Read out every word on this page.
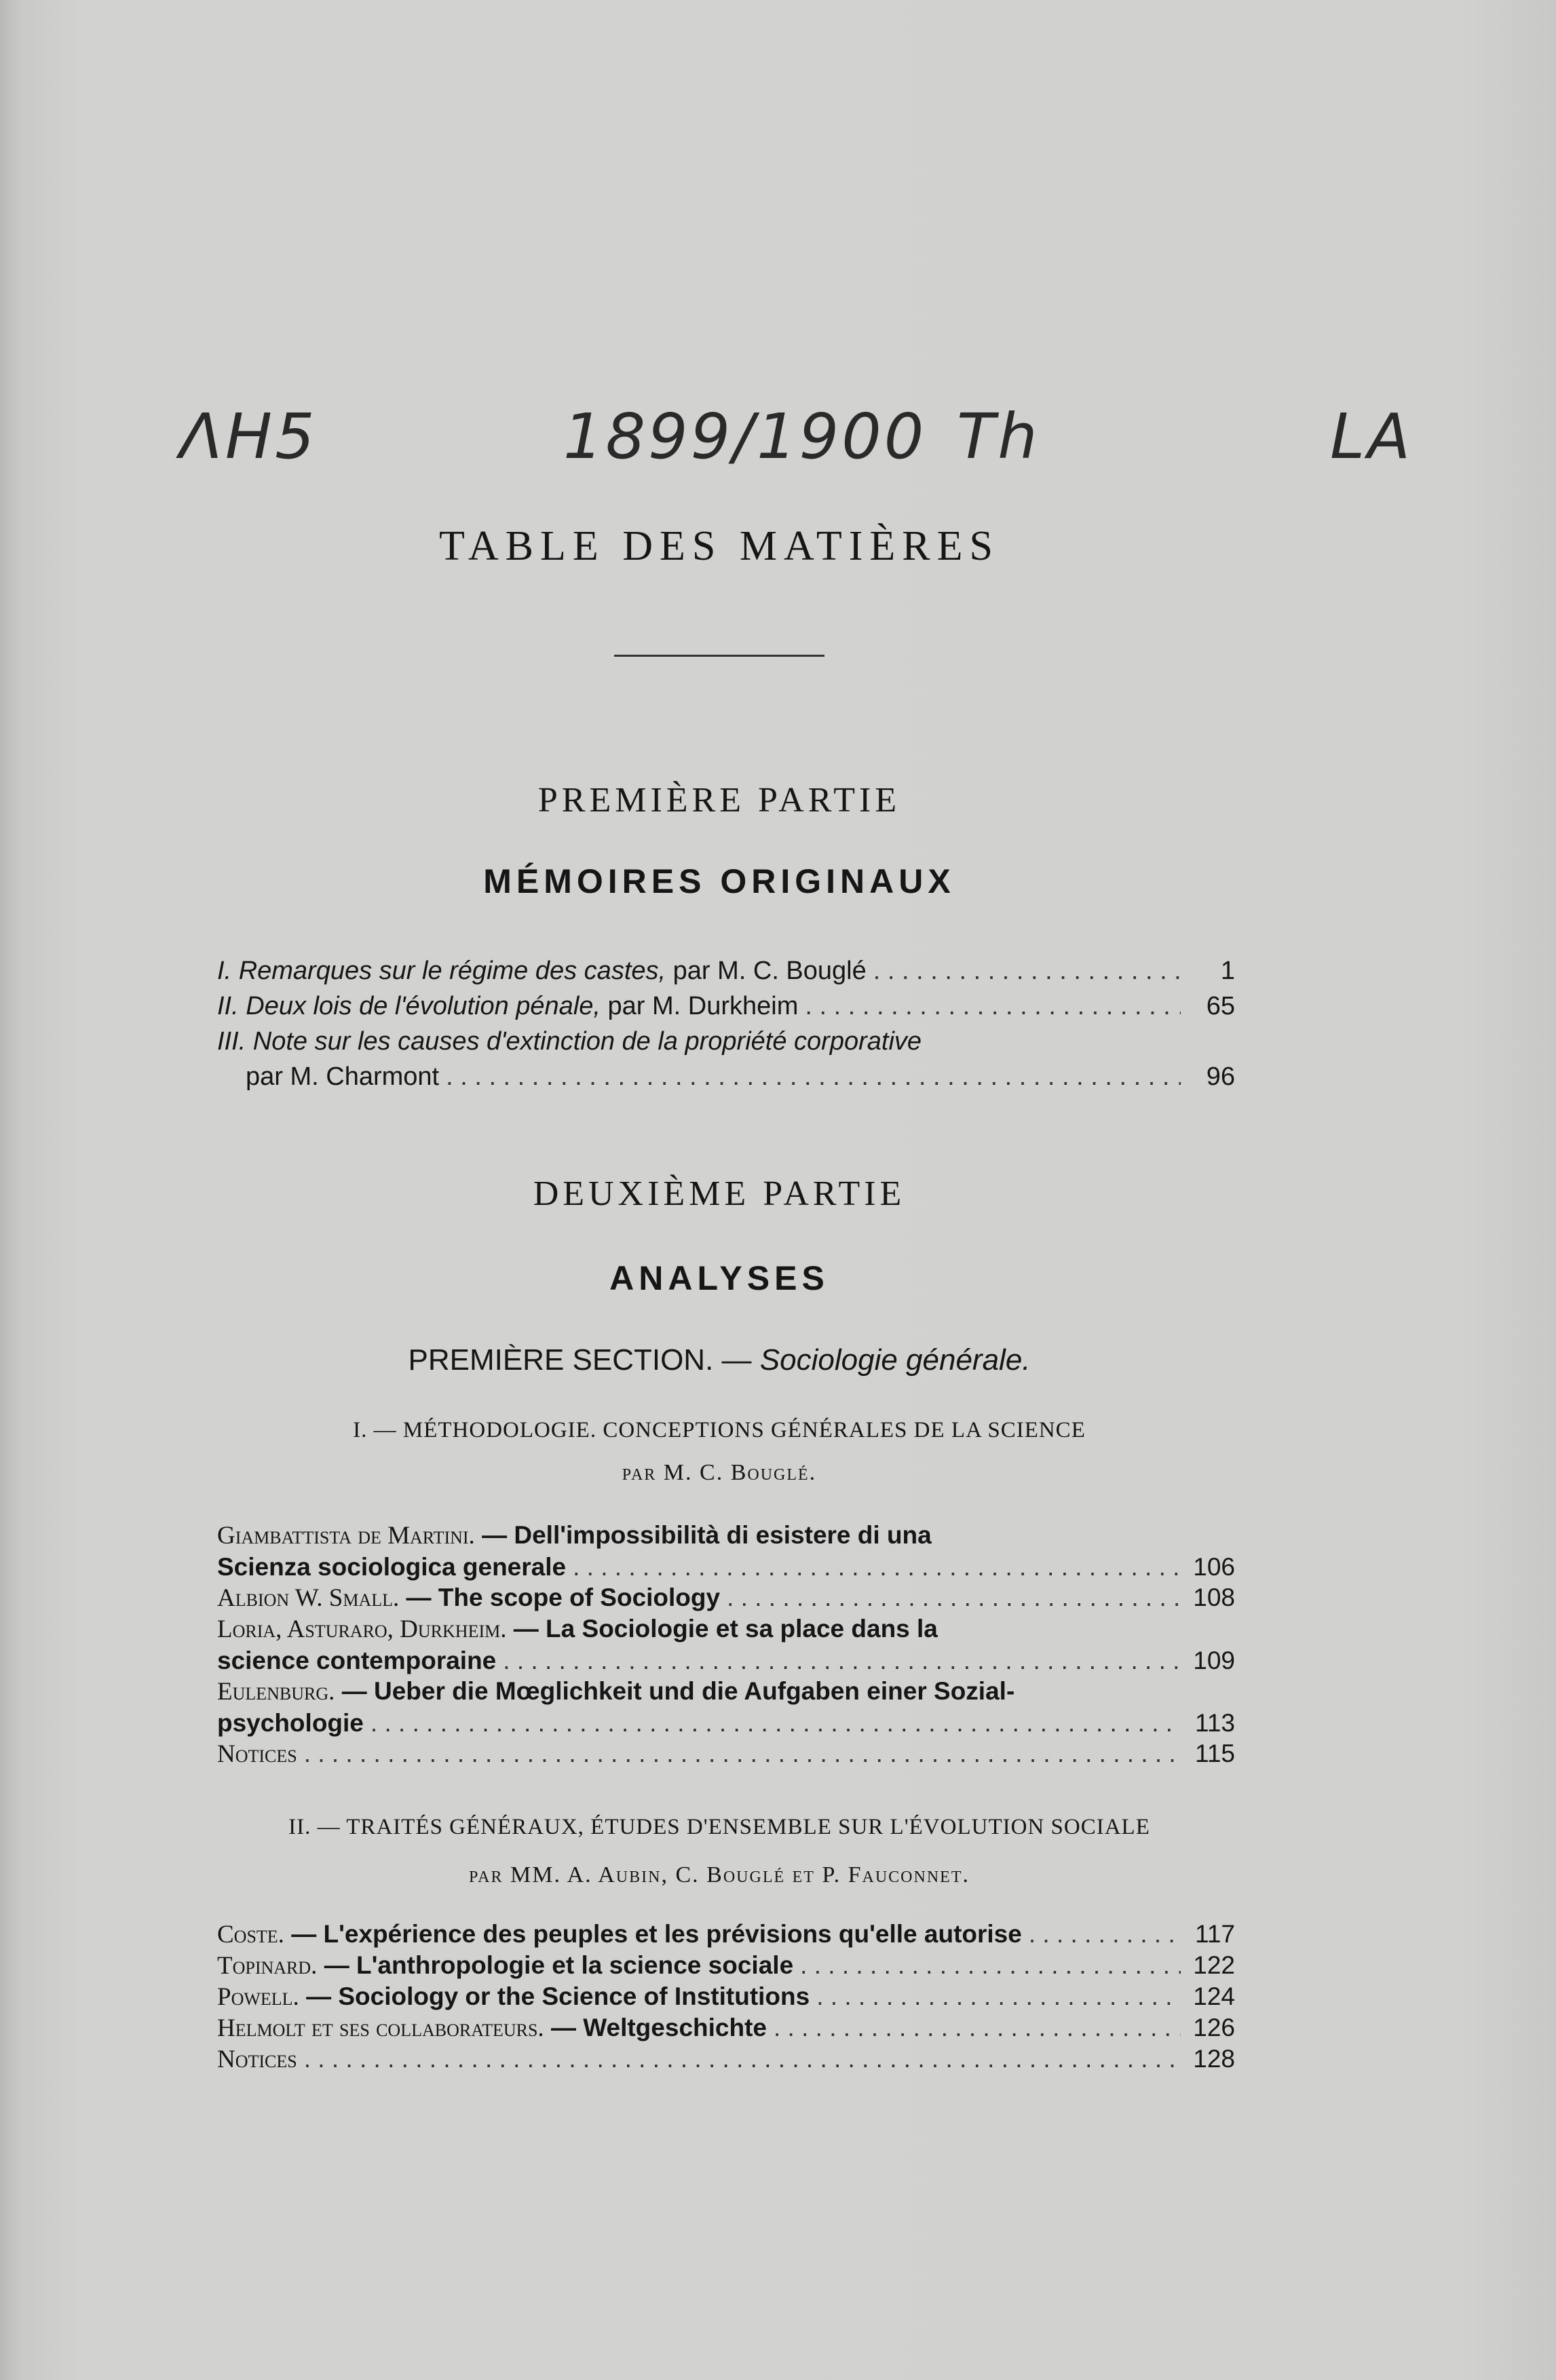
ΛΗ5	1899/1900 Th	LA
TABLE DES MATIÈRES
PREMIÈRE PARTIE
MÉMOIRES ORIGINAUX
I. Remarques sur le régime des castes, par M. C. Bouglé . . .	1
II. Deux lois de l'évolution pénale, par M. Durkheim . . .	65
III. Note sur les causes d'extinction de la propriété corporative
par M. Charmont . . .	96
DEUXIÈME PARTIE
ANALYSES
PREMIÈRE SECTION. — Sociologie générale.
I. — MÉTHODOLOGIE. CONCEPTIONS GÉNÉRALES DE LA SCIENCE
par M. C. Bouglé.
Giambattista de Martini. — Dell'impossibilità di esistere di una
Scienza sociologica generale . . .	106
Albion W. Small. — The scope of Sociology . . .	108
Loria, Asturaro, Durkheim. — La Sociologie et sa place dans la
science contemporaine . . .	109
Eulenburg. — Ueber die Mœglichkeit und die Aufgaben einer Sozial-
psychologie . . .	113
Notices . . .	115
II. — TRAITÉS GÉNÉRAUX, ÉTUDES D'ENSEMBLE SUR L'ÉVOLUTION SOCIALE
par MM. A. Aubin, C. Bouglé et P. Fauconnet.
Coste. — L'expérience des peuples et les prévisions qu'elle autorise . . .	117
Topinard. — L'anthropologie et la science sociale . . .	122
Powell. — Sociology or the Science of Institutions . . .	124
Helmolt et ses collaborateurs. — Weltgeschichte . . .	126
Notices . . .	128
